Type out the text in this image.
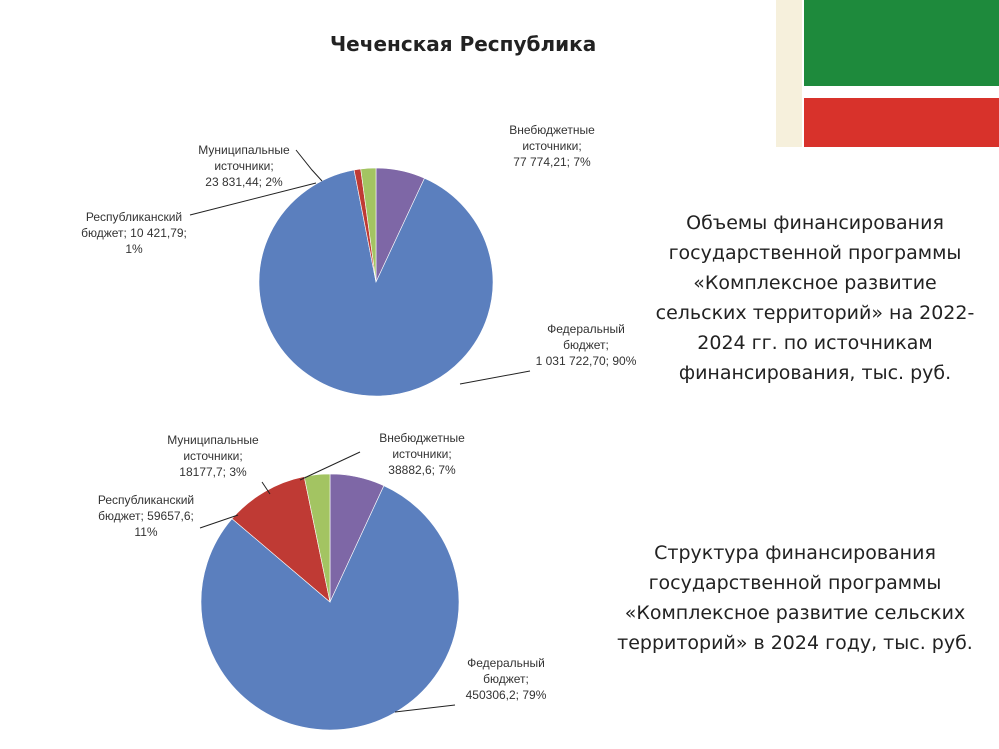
Чеченская Республика
Федеральный бюджет; 1 031 722,70; 90%
Республиканский бюджет; 10 421,79; 1%
Муниципальные источники; 23 831,44; 2%
Внебюджетные источники; 77 774,21; 7%
Федеральный бюджет; 450306,2; 79%
Республиканский бюджет; 59657,6; 11%
Муниципальные источники; 18177,7; 3%
Внебюджетные источники; 38882,6; 7%
Объемы финансирования
государственной программы
«Комплексное развитие
сельских территорий» на 2022-
2024 гг. по источникам
финансирования, тыс. руб.
Структура финансирования
государственной программы
«Комплексное развитие сельских
территорий» в 2024 году, тыс. руб.
